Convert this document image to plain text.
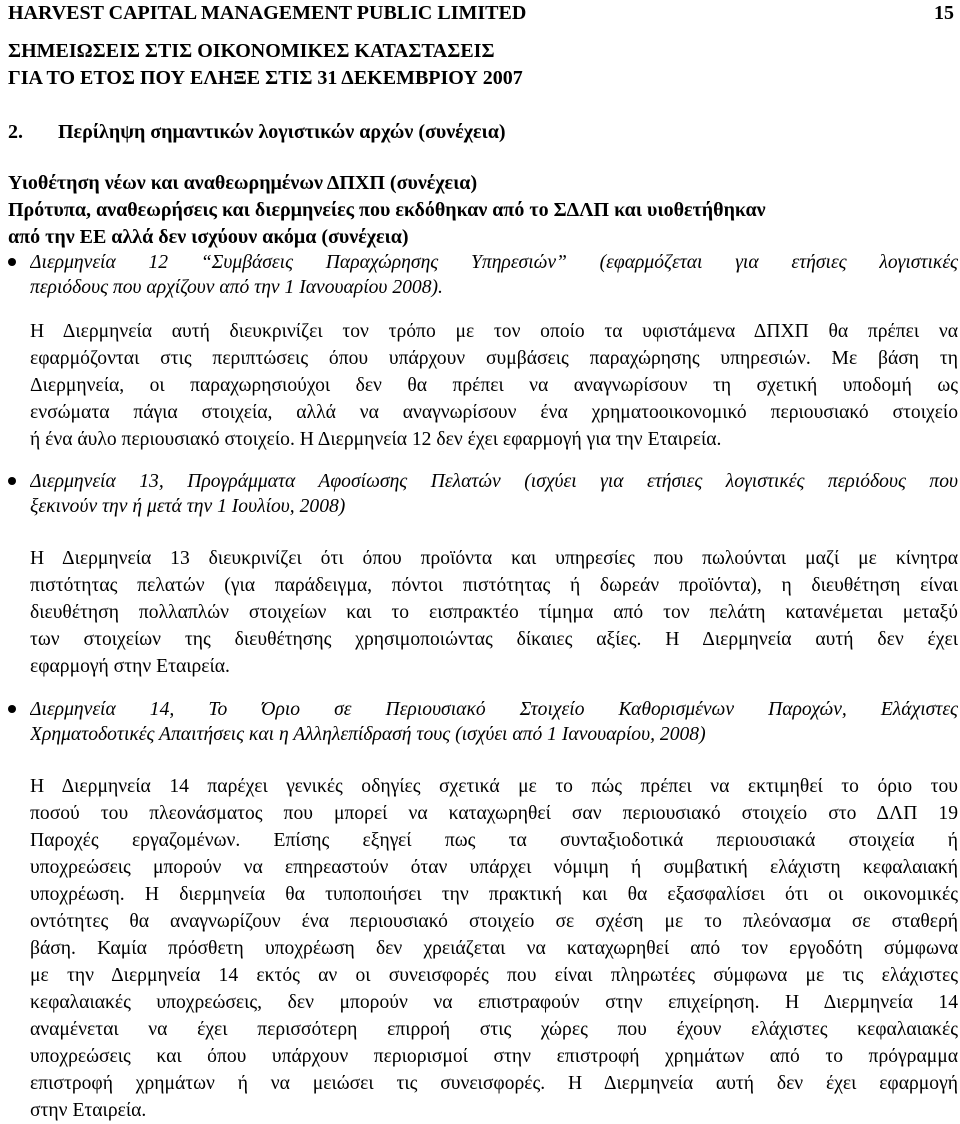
HARVEST CAPITAL MANAGEMENT PUBLIC LIMITED	15
ΣΗΜΕΙΩΣΕΙΣ ΣΤΙΣ ΟΙΚΟΝΟΜΙΚΕΣ ΚΑΤΑΣΤΑΣΕΙΣ
ΓΙΑ ΤΟ ΕΤΟΣ ΠΟΥ ΕΛΗΞΕ ΣΤΙΣ 31 ΔΕΚΕΜΒΡΙΟΥ 2007
2. Περίληψη σημαντικών λογιστικών αρχών (συνέχεια)
Υιοθέτηση νέων και αναθεωρημένων ΔΠΧΠ (συνέχεια)
Πρότυπα, αναθεωρήσεις και διερμηνείες που εκδόθηκαν από το ΣΔΛΠ και υιοθετήθηκαν
από την ΕΕ αλλά δεν ισχύουν ακόμα (συνέχεια)
Διερμηνεία 12 “Συμβάσεις Παραχώρησης Υπηρεσιών” (εφαρμόζεται για ετήσιες λογιστικές
περιόδους που αρχίζουν από την 1 Ιανουαρίου 2008).
Η Διερμηνεία αυτή διευκρινίζει τον τρόπο με τον οποίο τα υφιστάμενα ΔΠΧΠ θα πρέπει να
εφαρμόζονται στις περιπτώσεις όπου υπάρχουν συμβάσεις παραχώρησης υπηρεσιών. Με βάση τη
Διερμηνεία, οι παραχωρησιούχοι δεν θα πρέπει να αναγνωρίσουν τη σχετική υποδομή ως
ενσώματα πάγια στοιχεία, αλλά να αναγνωρίσουν ένα χρηματοοικονομικό περιουσιακό στοιχείο
ή ένα άυλο περιουσιακό στοιχείο. Η Διερμηνεία 12 δεν έχει εφαρμογή για την Εταιρεία.
Διερμηνεία 13, Προγράμματα Αφοσίωσης Πελατών (ισχύει για ετήσιες λογιστικές περιόδους που
ξεκινούν την ή μετά την 1 Ιουλίου, 2008)
Η Διερμηνεία 13 διευκρινίζει ότι όπου προϊόντα και υπηρεσίες που πωλούνται μαζί με κίνητρα
πιστότητας πελατών (για παράδειγμα, πόντοι πιστότητας ή δωρεάν προϊόντα), η διευθέτηση είναι
διευθέτηση πολλαπλών στοιχείων και το εισπρακτέο τίμημα από τον πελάτη κατανέμεται μεταξύ
των στοιχείων της διευθέτησης χρησιμοποιώντας δίκαιες αξίες. Η Διερμηνεία αυτή δεν έχει
εφαρμογή στην Εταιρεία.
Διερμηνεία 14, Το Όριο σε Περιουσιακό Στοιχείο Καθορισμένων Παροχών, Ελάχιστες
Χρηματοδοτικές Απαιτήσεις και η Αλληλεπίδρασή τους (ισχύει από 1 Ιανουαρίου, 2008)
Η Διερμηνεία 14 παρέχει γενικές οδηγίες σχετικά με το πώς πρέπει να εκτιμηθεί το όριο του
ποσού του πλεονάσματος που μπορεί να καταχωρηθεί σαν περιουσιακό στοιχείο στο ΔΛΠ 19
Παροχές εργαζομένων. Επίσης εξηγεί πως τα συνταξιοδοτικά περιουσιακά στοιχεία ή
υποχρεώσεις μπορούν να επηρεαστούν όταν υπάρχει νόμιμη ή συμβατική ελάχιστη κεφαλαιακή
υποχρέωση. Η διερμηνεία θα τυποποιήσει την πρακτική και θα εξασφαλίσει ότι οι οικονομικές
οντότητες θα αναγνωρίζουν ένα περιουσιακό στοιχείο σε σχέση με το πλεόνασμα σε σταθερή
βάση. Καμία πρόσθετη υποχρέωση δεν χρειάζεται να καταχωρηθεί από τον εργοδότη σύμφωνα
με την Διερμηνεία 14 εκτός αν οι συνεισφορές που είναι πληρωτέες σύμφωνα με τις ελάχιστες
κεφαλαιακές υποχρεώσεις, δεν μπορούν να επιστραφούν στην επιχείρηση. Η Διερμηνεία 14
αναμένεται να έχει περισσότερη επιρροή στις χώρες που έχουν ελάχιστες κεφαλαιακές
υποχρεώσεις και όπου υπάρχουν περιορισμοί στην επιστροφή χρημάτων από το πρόγραμμα
επιστροφή χρημάτων ή να μειώσει τις συνεισφορές. Η Διερμηνεία αυτή δεν έχει εφαρμογή
στην Εταιρεία.
